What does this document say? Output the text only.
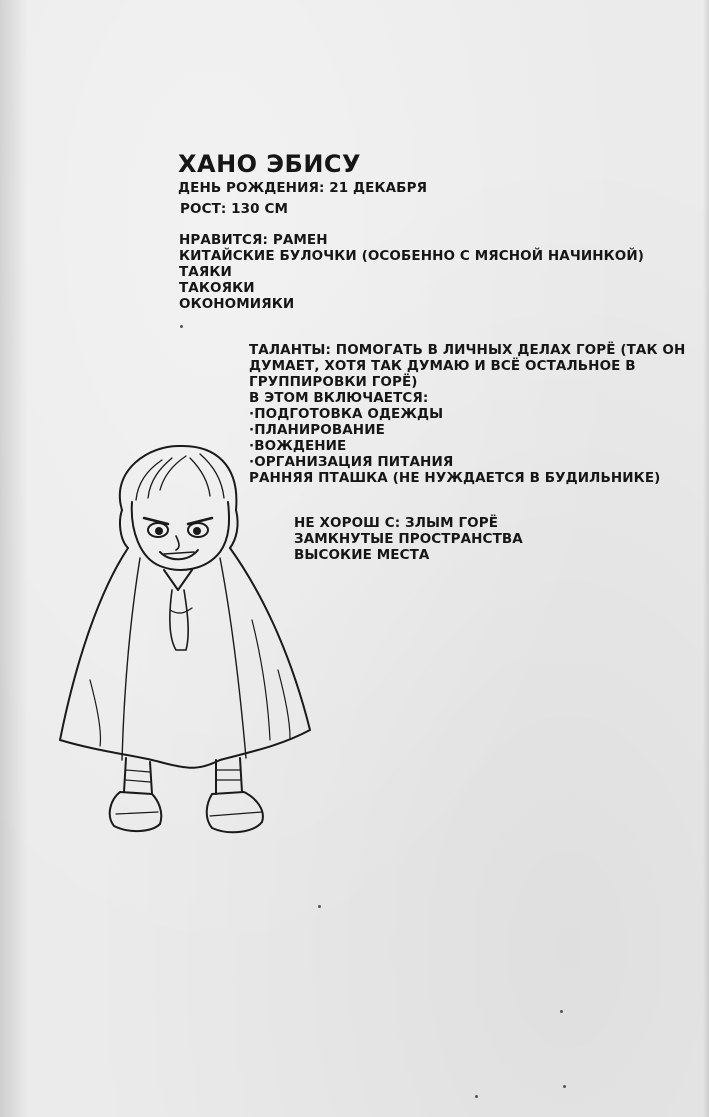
ХАНО ЭБИСУ
ДЕНЬ РОЖДЕНИЯ: 21 ДЕКАБРЯ
РОСТ: 130 СМ
НРАВИТСЯ: РАМЕН
КИТАЙСКИЕ БУЛОЧКИ (ОСОБЕННО С МЯСНОЙ НАЧИНКОЙ)
ТАЯКИ
ТАКОЯКИ
ОКОНОМИЯКИ
ТАЛАНТЫ: ПОМОГАТЬ В ЛИЧНЫХ ДЕЛАХ ГОРЁ (ТАК ОН
ДУМАЕТ, ХОТЯ ТАК ДУМАЮ И ВСЁ ОСТАЛЬНОЕ В
ГРУППИРОВКИ ГОРЁ)
В ЭТОМ ВКЛЮЧАЕТСЯ:
·ПОДГОТОВКА ОДЕЖДЫ
·ПЛАНИРОВАНИЕ
·ВОЖДЕНИЕ
·ОРГАНИЗАЦИЯ ПИТАНИЯ
РАННЯЯ ПТАШКА (НЕ НУЖДАЕТСЯ В БУДИЛЬНИКЕ)
НЕ ХОРОШ С: ЗЛЫМ ГОРЁ
ЗАМКНУТЫЕ ПРОСТРАНСТВА
ВЫСОКИЕ МЕСТА
